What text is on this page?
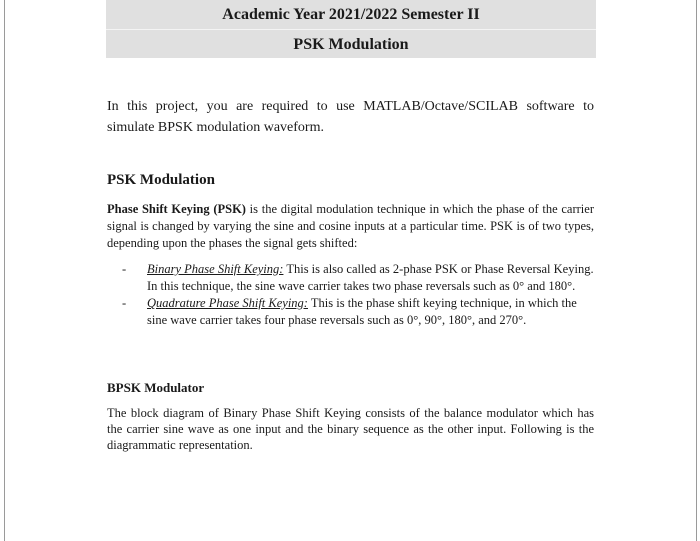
Academic Year 2021/2022 Semester II
PSK Modulation
In this project, you are required to use MATLAB/Octave/SCILAB software to simulate BPSK modulation waveform.
PSK Modulation
Phase Shift Keying (PSK) is the digital modulation technique in which the phase of the carrier signal is changed by varying the sine and cosine inputs at a particular time. PSK is of two types, depending upon the phases the signal gets shifted:
- Binary Phase Shift Keying: This is also called as 2-phase PSK or Phase Reversal Keying. In this technique, the sine wave carrier takes two phase reversals such as 0° and 180°.
- Quadrature Phase Shift Keying: This is the phase shift keying technique, in which the sine wave carrier takes four phase reversals such as 0°, 90°, 180°, and 270°.
BPSK Modulator
The block diagram of Binary Phase Shift Keying consists of the balance modulator which has the carrier sine wave as one input and the binary sequence as the other input. Following is the diagrammatic representation.
